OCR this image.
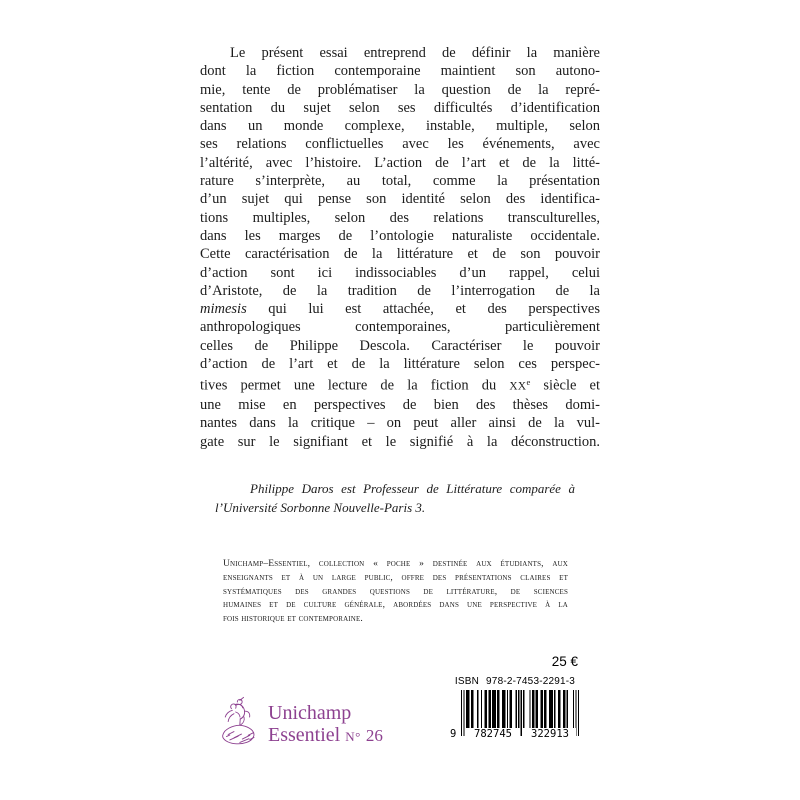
Le présent essai entreprend de définir la manière
dont la fiction contemporaine maintient son autono-
mie, tente de problématiser la question de la repré-
sentation du sujet selon ses difficultés d’identification
dans un monde complexe, instable, multiple, selon
ses relations conflictuelles avec les événements, avec
l’altérité, avec l’histoire. L’action de l’art et de la litté-
rature s’interprète, au total, comme la présentation
d’un sujet qui pense son identité selon des identifica-
tions multiples, selon des relations transculturelles,
dans les marges de l’ontologie naturaliste occidentale.
Cette caractérisation de la littérature et de son pouvoir
d’action sont ici indissociables d’un rappel, celui
d’Aristote, de la tradition de l’interrogation de la
mimesis qui lui est attachée, et des perspectives
anthropologiques contemporaines, particulièrement
celles de Philippe Descola. Caractériser le pouvoir
d’action de l’art et de la littérature selon ces perspec-
tives permet une lecture de la fiction du XXe siècle et
une mise en perspectives de bien des thèses domi-
nantes dans la critique – on peut aller ainsi de la vul-
gate sur le signifiant et le signifié à la déconstruction.
Philippe Daros est Professeur de Littérature comparée à
l’Université Sorbonne Nouvelle-Paris 3.
Unichamp–Essentiel, collection « poche » destinée aux étudiants, aux
enseignants et à un large public, offre des présentations claires et
systématiques des grandes questions de littérature, de sciences
humaines et de culture générale, abordées dans une perspective à la
fois historique et contemporaine.
25 €
ISBN 978-2-7453-2291-3
9	782745	322913
Unichamp
Essentiel N° 26
